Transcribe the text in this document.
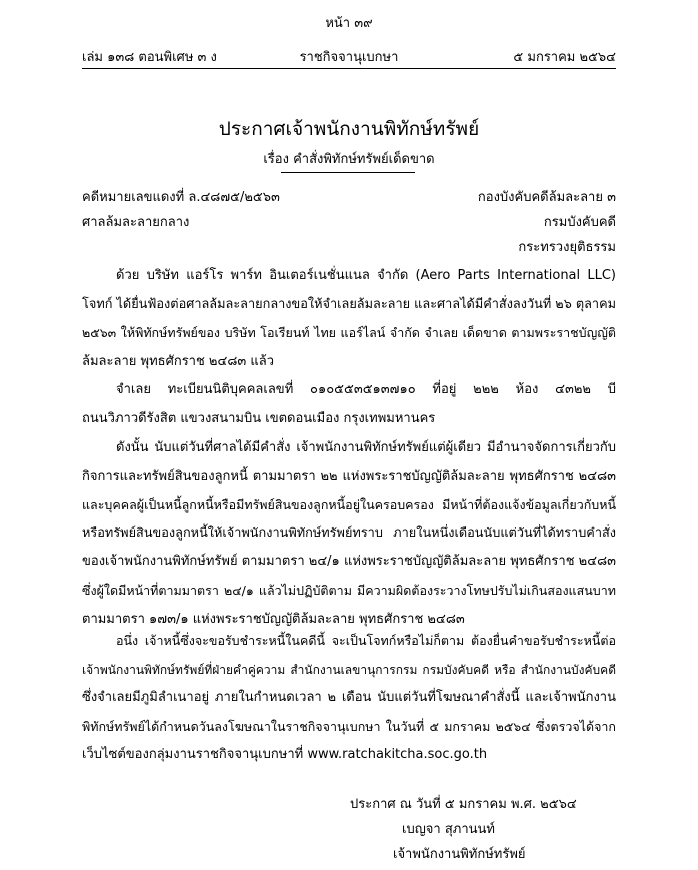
หน้า ๓๙
เล่ม ๑๓๘ ตอนพิเศษ ๓ ง	ราชกิจจานุเบกษา	๕ มกราคม ๒๕๖๔
ประกาศเจ้าพนักงานพิทักษ์ทรัพย์
เรื่อง คำสั่งพิทักษ์ทรัพย์เด็ดขาด
คดีหมายเลขแดงที่ ล.๔๘๗๕/๒๕๖๓
ศาลล้มละลายกลาง
กองบังคับคดีล้มละลาย ๓
กรมบังคับคดี
กระทรวงยุติธรรม
ด้วย บริษัท แอร์โร พาร์ท อินเตอร์เนชั่นแนล จำกัด (Aero Parts International LLC)
โจทก์ ได้ยื่นฟ้องต่อศาลล้มละลายกลางขอให้จำเลยล้มละลาย และศาลได้มีคำสั่งลงวันที่ ๒๖ ตุลาคม
๒๕๖๓ ให้พิทักษ์ทรัพย์ของ บริษัท โอเรียนท์ ไทย แอร์ไลน์ จำกัด จำเลย เด็ดขาด ตามพระราชบัญญัติ
ล้มละลาย พุทธศักราช ๒๔๘๓ แล้ว
จำเลย ทะเบียนนิติบุคคลเลขที่ ๐๑๐๕๕๓๕๑๓๗๑๐ ที่อยู่ ๒๒๒ ห้อง ๔๓๒๒ บี
ถนนวิภาวดีรังสิต แขวงสนามบิน เขตดอนเมือง กรุงเทพมหานคร
ดังนั้น นับแต่วันที่ศาลได้มีคำสั่ง เจ้าพนักงานพิทักษ์ทรัพย์แต่ผู้เดียว มีอำนาจจัดการเกี่ยวกับ
กิจการและทรัพย์สินของลูกหนี้ ตามมาตรา ๒๒ แห่งพระราชบัญญัติล้มละลาย พุทธศักราช ๒๔๘๓
และบุคคลผู้เป็นหนี้ลูกหนี้หรือมีทรัพย์สินของลูกหนี้อยู่ในครอบครอง มีหน้าที่ต้องแจ้งข้อมูลเกี่ยวกับหนี้
หรือทรัพย์สินของลูกหนี้ให้เจ้าพนักงานพิทักษ์ทรัพย์ทราบ ภายในหนึ่งเดือนนับแต่วันที่ได้ทราบคำสั่ง
ของเจ้าพนักงานพิทักษ์ทรัพย์ ตามมาตรา ๒๔/๑ แห่งพระราชบัญญัติล้มละลาย พุทธศักราช ๒๔๘๓
ซึ่งผู้ใดมีหน้าที่ตามมาตรา ๒๔/๑ แล้วไม่ปฏิบัติตาม มีความผิดต้องระวางโทษปรับไม่เกินสองแสนบาท
ตามมาตรา ๑๗๓/๑ แห่งพระราชบัญญัติล้มละลาย พุทธศักราช ๒๔๘๓
อนึ่ง เจ้าหนี้ซึ่งจะขอรับชำระหนี้ในคดีนี้ จะเป็นโจทก์หรือไม่ก็ตาม ต้องยื่นคำขอรับชำระหนี้ต่อ
เจ้าพนักงานพิทักษ์ทรัพย์ที่ฝ่ายคำคู่ความ สำนักงานเลขานุการกรม กรมบังคับคดี หรือ สำนักงานบังคับคดี
ซึ่งจำเลยมีภูมิลำเนาอยู่ ภายในกำหนดเวลา ๒ เดือน นับแต่วันที่โฆษณาคำสั่งนี้ และเจ้าพนักงาน
พิทักษ์ทรัพย์ได้กำหนดวันลงโฆษณาในราชกิจจานุเบกษา ในวันที่ ๕ มกราคม ๒๕๖๔ ซึ่งตรวจได้จาก
เว็บไซต์ของกลุ่มงานราชกิจจานุเบกษาที่ www.ratchakitcha.soc.go.th
ประกาศ ณ วันที่ ๕ มกราคม พ.ศ. ๒๕๖๔
เบญจา สุภานนท์
เจ้าพนักงานพิทักษ์ทรัพย์
